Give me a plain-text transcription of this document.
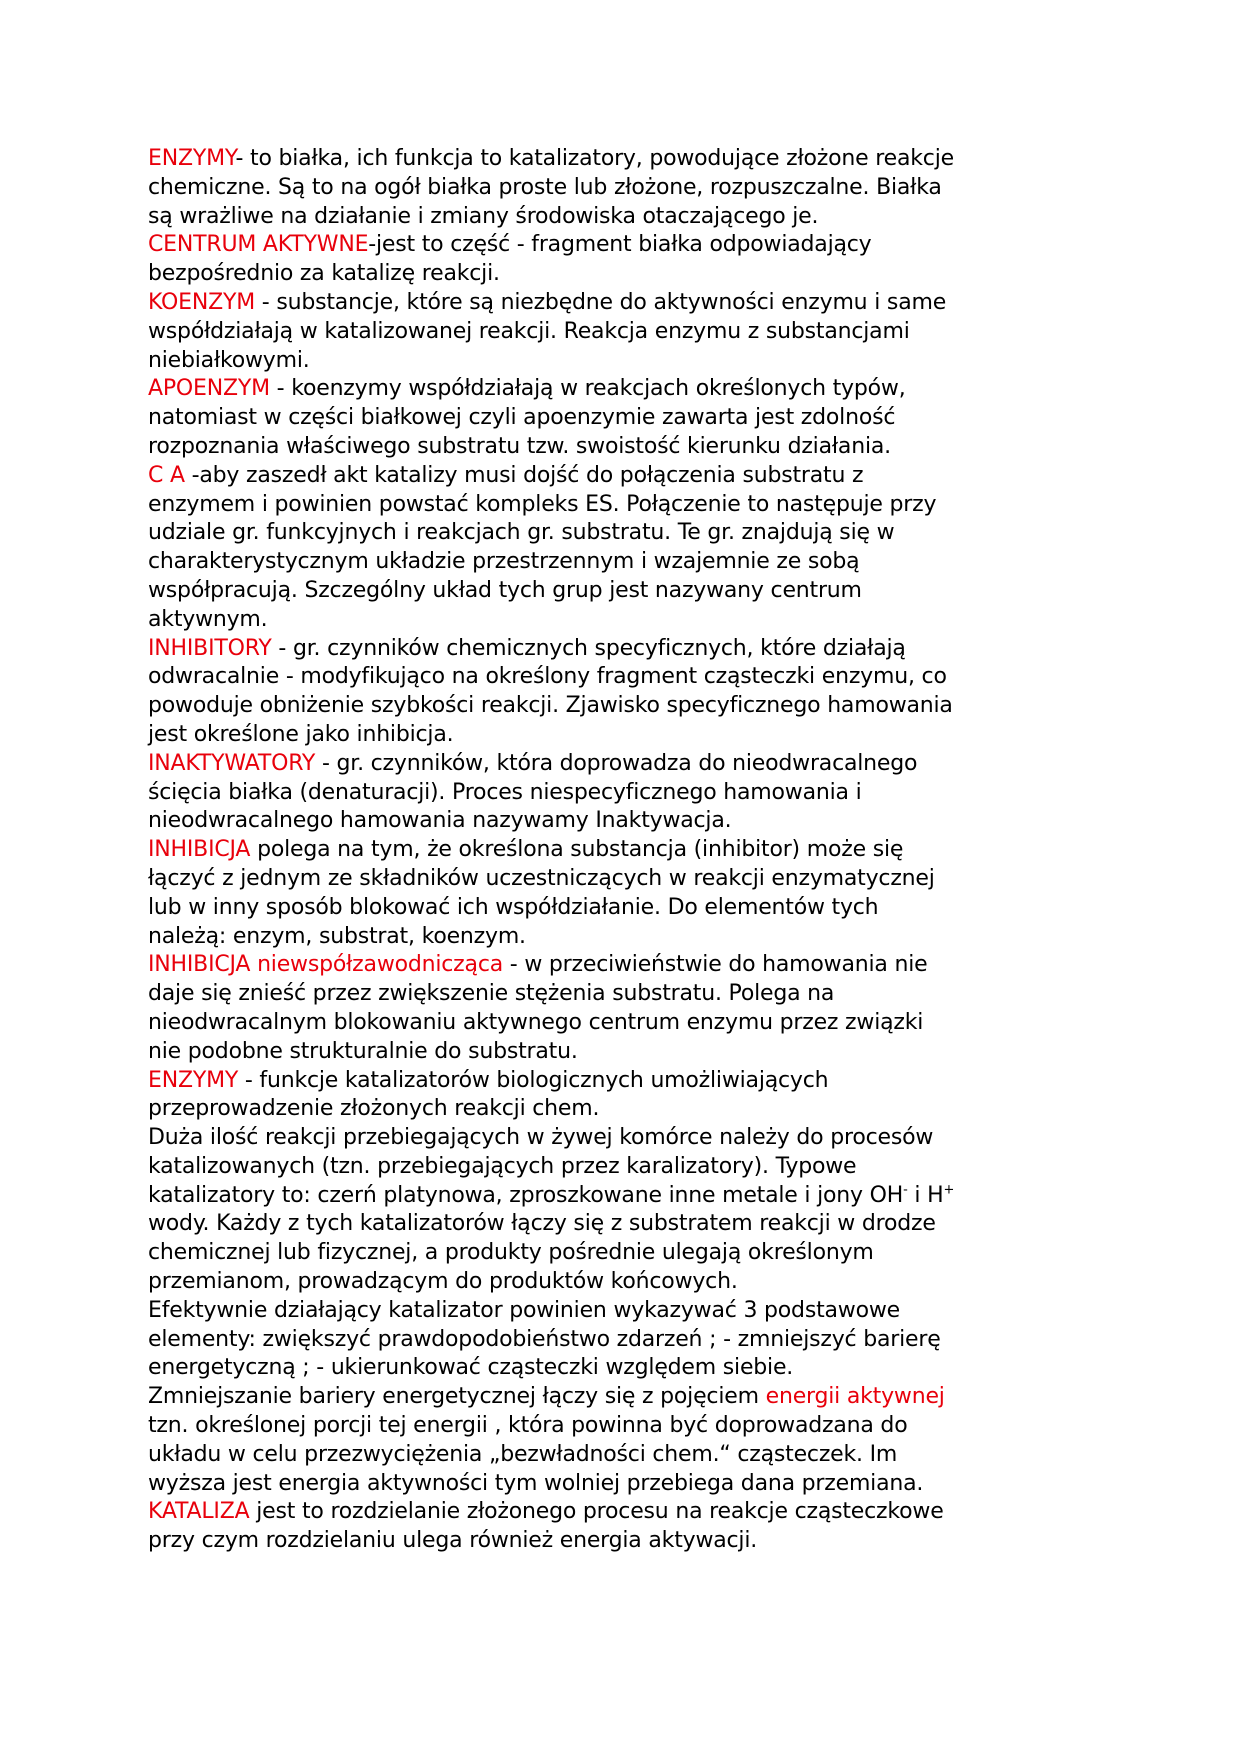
ENZYMY- to białka, ich funkcja to katalizatory, powodujące złożone reakcje
chemiczne. Są to na ogół białka proste lub złożone, rozpuszczalne. Białka
są wrażliwe na działanie i zmiany środowiska otaczającego je.
CENTRUM AKTYWNE-jest to część - fragment białka odpowiadający
bezpośrednio za katalizę reakcji.
KOENZYM - substancje, które są niezbędne do aktywności enzymu i same
współdziałają w katalizowanej reakcji. Reakcja enzymu z substancjami
niebiałkowymi.
APOENZYM - koenzymy współdziałają w reakcjach określonych typów,
natomiast w części białkowej czyli apoenzymie zawarta jest zdolność
rozpoznania właściwego substratu tzw. swoistość kierunku działania.
C A -aby zaszedł akt katalizy musi dojść do połączenia substratu z
enzymem i powinien powstać kompleks ES. Połączenie to następuje przy
udziale gr. funkcyjnych i reakcjach gr. substratu. Te gr. znajdują się w
charakterystycznym układzie przestrzennym i wzajemnie ze sobą
współpracują. Szczególny układ tych grup jest nazywany centrum
aktywnym.
INHIBITORY - gr. czynników chemicznych specyficznych, które działają
odwracalnie - modyfikująco na określony fragment cząsteczki enzymu, co
powoduje obniżenie szybkości reakcji. Zjawisko specyficznego hamowania
jest określone jako inhibicja.
INAKTYWATORY - gr. czynników, która doprowadza do nieodwracalnego
ścięcia białka (denaturacji). Proces niespecyficznego hamowania i
nieodwracalnego hamowania nazywamy Inaktywacja.
INHIBICJA polega na tym, że określona substancja (inhibitor) może się
łączyć z jednym ze składników uczestniczących w reakcji enzymatycznej
lub w inny sposób blokować ich współdziałanie. Do elementów tych
należą: enzym, substrat, koenzym.
INHIBICJA niewspółzawodnicząca - w przeciwieństwie do hamowania nie
daje się znieść przez zwiększenie stężenia substratu. Polega na
nieodwracalnym blokowaniu aktywnego centrum enzymu przez związki
nie podobne strukturalnie do substratu.
ENZYMY - funkcje katalizatorów biologicznych umożliwiających
przeprowadzenie złożonych reakcji chem.
Duża ilość reakcji przebiegających w żywej komórce należy do procesów
katalizowanych (tzn. przebiegających przez karalizatory). Typowe
katalizatory to: czerń platynowa, zproszkowane inne metale i jony OH- i H+
wody. Każdy z tych katalizatorów łączy się z substratem reakcji w drodze
chemicznej lub fizycznej, a produkty pośrednie ulegają określonym
przemianom, prowadzącym do produktów końcowych.
Efektywnie działający katalizator powinien wykazywać 3 podstawowe
elementy: zwiększyć prawdopodobieństwo zdarzeń ; - zmniejszyć barierę
energetyczną ; - ukierunkować cząsteczki względem siebie.
Zmniejszanie bariery energetycznej łączy się z pojęciem energii aktywnej
tzn. określonej porcji tej energii , która powinna być doprowadzana do
układu w celu przezwyciężenia „bezwładności chem.“ cząsteczek. Im
wyższa jest energia aktywności tym wolniej przebiega dana przemiana.
KATALIZA jest to rozdzielanie złożonego procesu na reakcje cząsteczkowe
przy czym rozdzielaniu ulega również energia aktywacji.
